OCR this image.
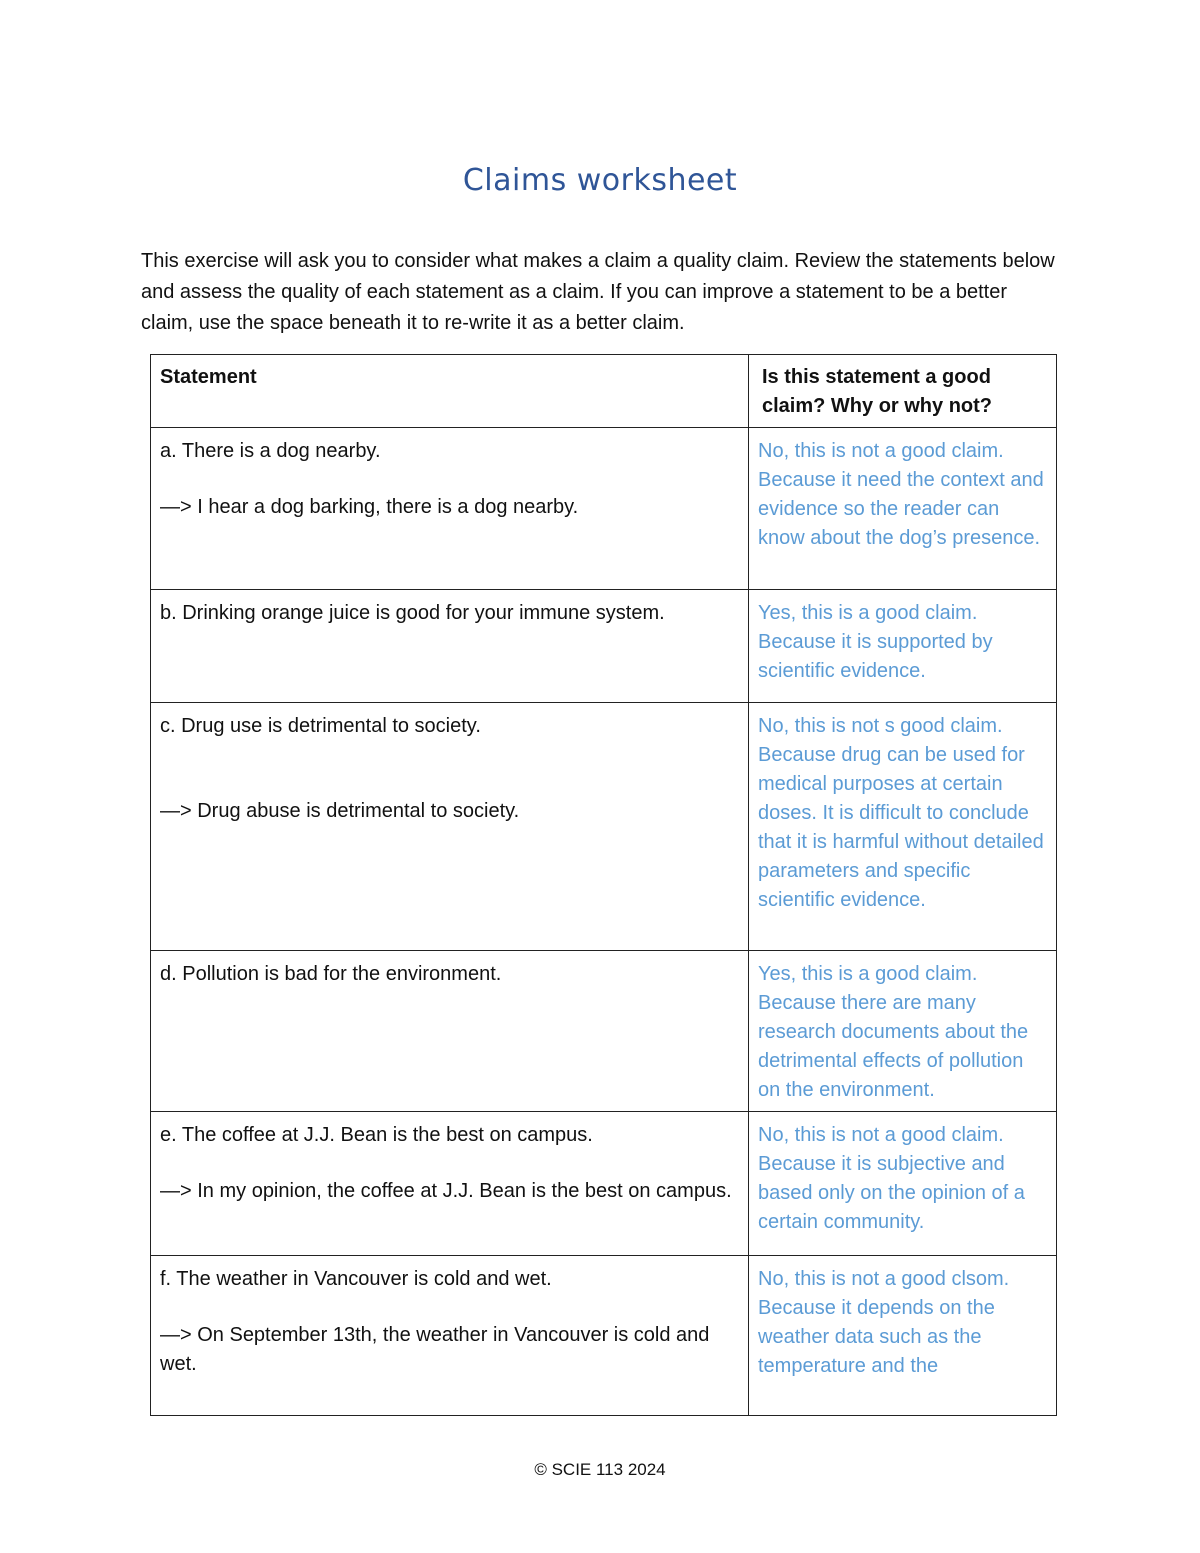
Claims worksheet

This exercise will ask you to consider what makes a claim a quality claim. Review the statements below and assess the quality of each statement as a claim. If you can improve a statement to be a better claim, use the space beneath it to re-write it as a better claim.

Statement	Is this statement a good claim? Why or why not?

a. There is a dog nearby.

—> I hear a dog barking, there is a dog nearby.	No, this is not a good claim. Because it need the context and evidence so the reader can know about the dog’s presence.

b. Drinking orange juice is good for your immune system.	Yes, this is a good claim. Because it is supported by scientific evidence.

c. Drug use is detrimental to society.

—> Drug abuse is detrimental to society.	No, this is not s good claim. Because drug can be used for medical purposes at certain doses. It is difficult to conclude that it is harmful without detailed parameters and specific scientific evidence.

d. Pollution is bad for the environment.	Yes, this is a good claim. Because there are many research documents about the detrimental effects of pollution on the environment.

e. The coffee at J.J. Bean is the best on campus.

—> In my opinion, the coffee at J.J. Bean is the best on campus.	No, this is not a good claim. Because it is subjective and based only on the opinion of a certain community.

f. The weather in Vancouver is cold and wet.

—> On September 13th, the weather in Vancouver is cold and wet.	No, this is not a good clsom. Because it depends on the weather data such as the temperature and the
© SCIE 113 2024
